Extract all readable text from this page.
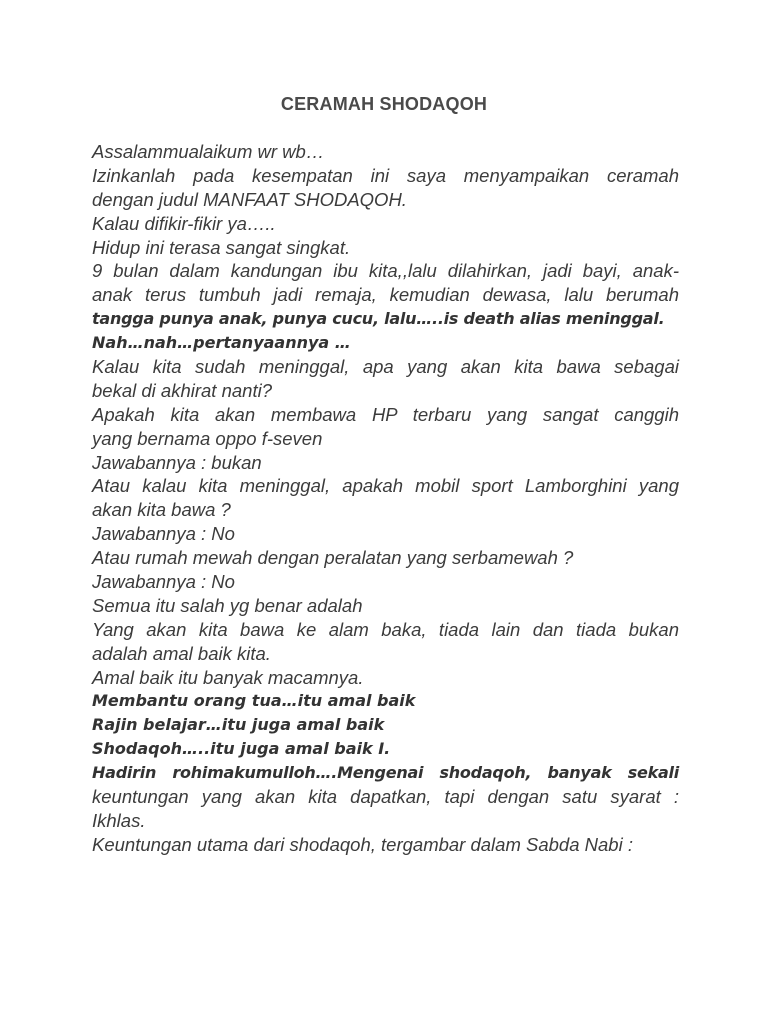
CERAMAH SHODAQOH
Assalammualaikum wr wb…
Izinkanlah pada kesempatan ini saya menyampaikan ceramah
dengan judul MANFAAT SHODAQOH.
Kalau difikir-fikir ya…..
Hidup ini terasa sangat singkat.
9 bulan dalam kandungan ibu kita,,lalu dilahirkan, jadi bayi, anak-
anak terus tumbuh jadi remaja, kemudian dewasa, lalu berumah
tangga punya anak, punya cucu, lalu…..is death alias meninggal.
Nah…nah…pertanyaannya …
Kalau kita sudah meninggal, apa yang akan kita bawa sebagai
bekal di akhirat nanti?
Apakah kita akan membawa HP terbaru yang sangat canggih
yang bernama oppo f-seven
Jawabannya : bukan
Atau kalau kita meninggal, apakah mobil sport Lamborghini yang
akan kita bawa ?
Jawabannya : No
Atau rumah mewah dengan peralatan yang serbamewah ?
Jawabannya : No
Semua itu salah yg benar adalah
Yang akan kita bawa ke alam baka, tiada lain dan tiada bukan
adalah amal baik kita.
Amal baik itu banyak macamnya.
Membantu orang tua…itu amal baik
Rajin belajar…itu juga amal baik
Shodaqoh…..itu juga amal baik I.
Hadirin rohimakumulloh….Mengenai shodaqoh, banyak sekali
keuntungan yang akan kita dapatkan, tapi dengan satu syarat :
Ikhlas.
Keuntungan utama dari shodaqoh, tergambar dalam Sabda Nabi :
